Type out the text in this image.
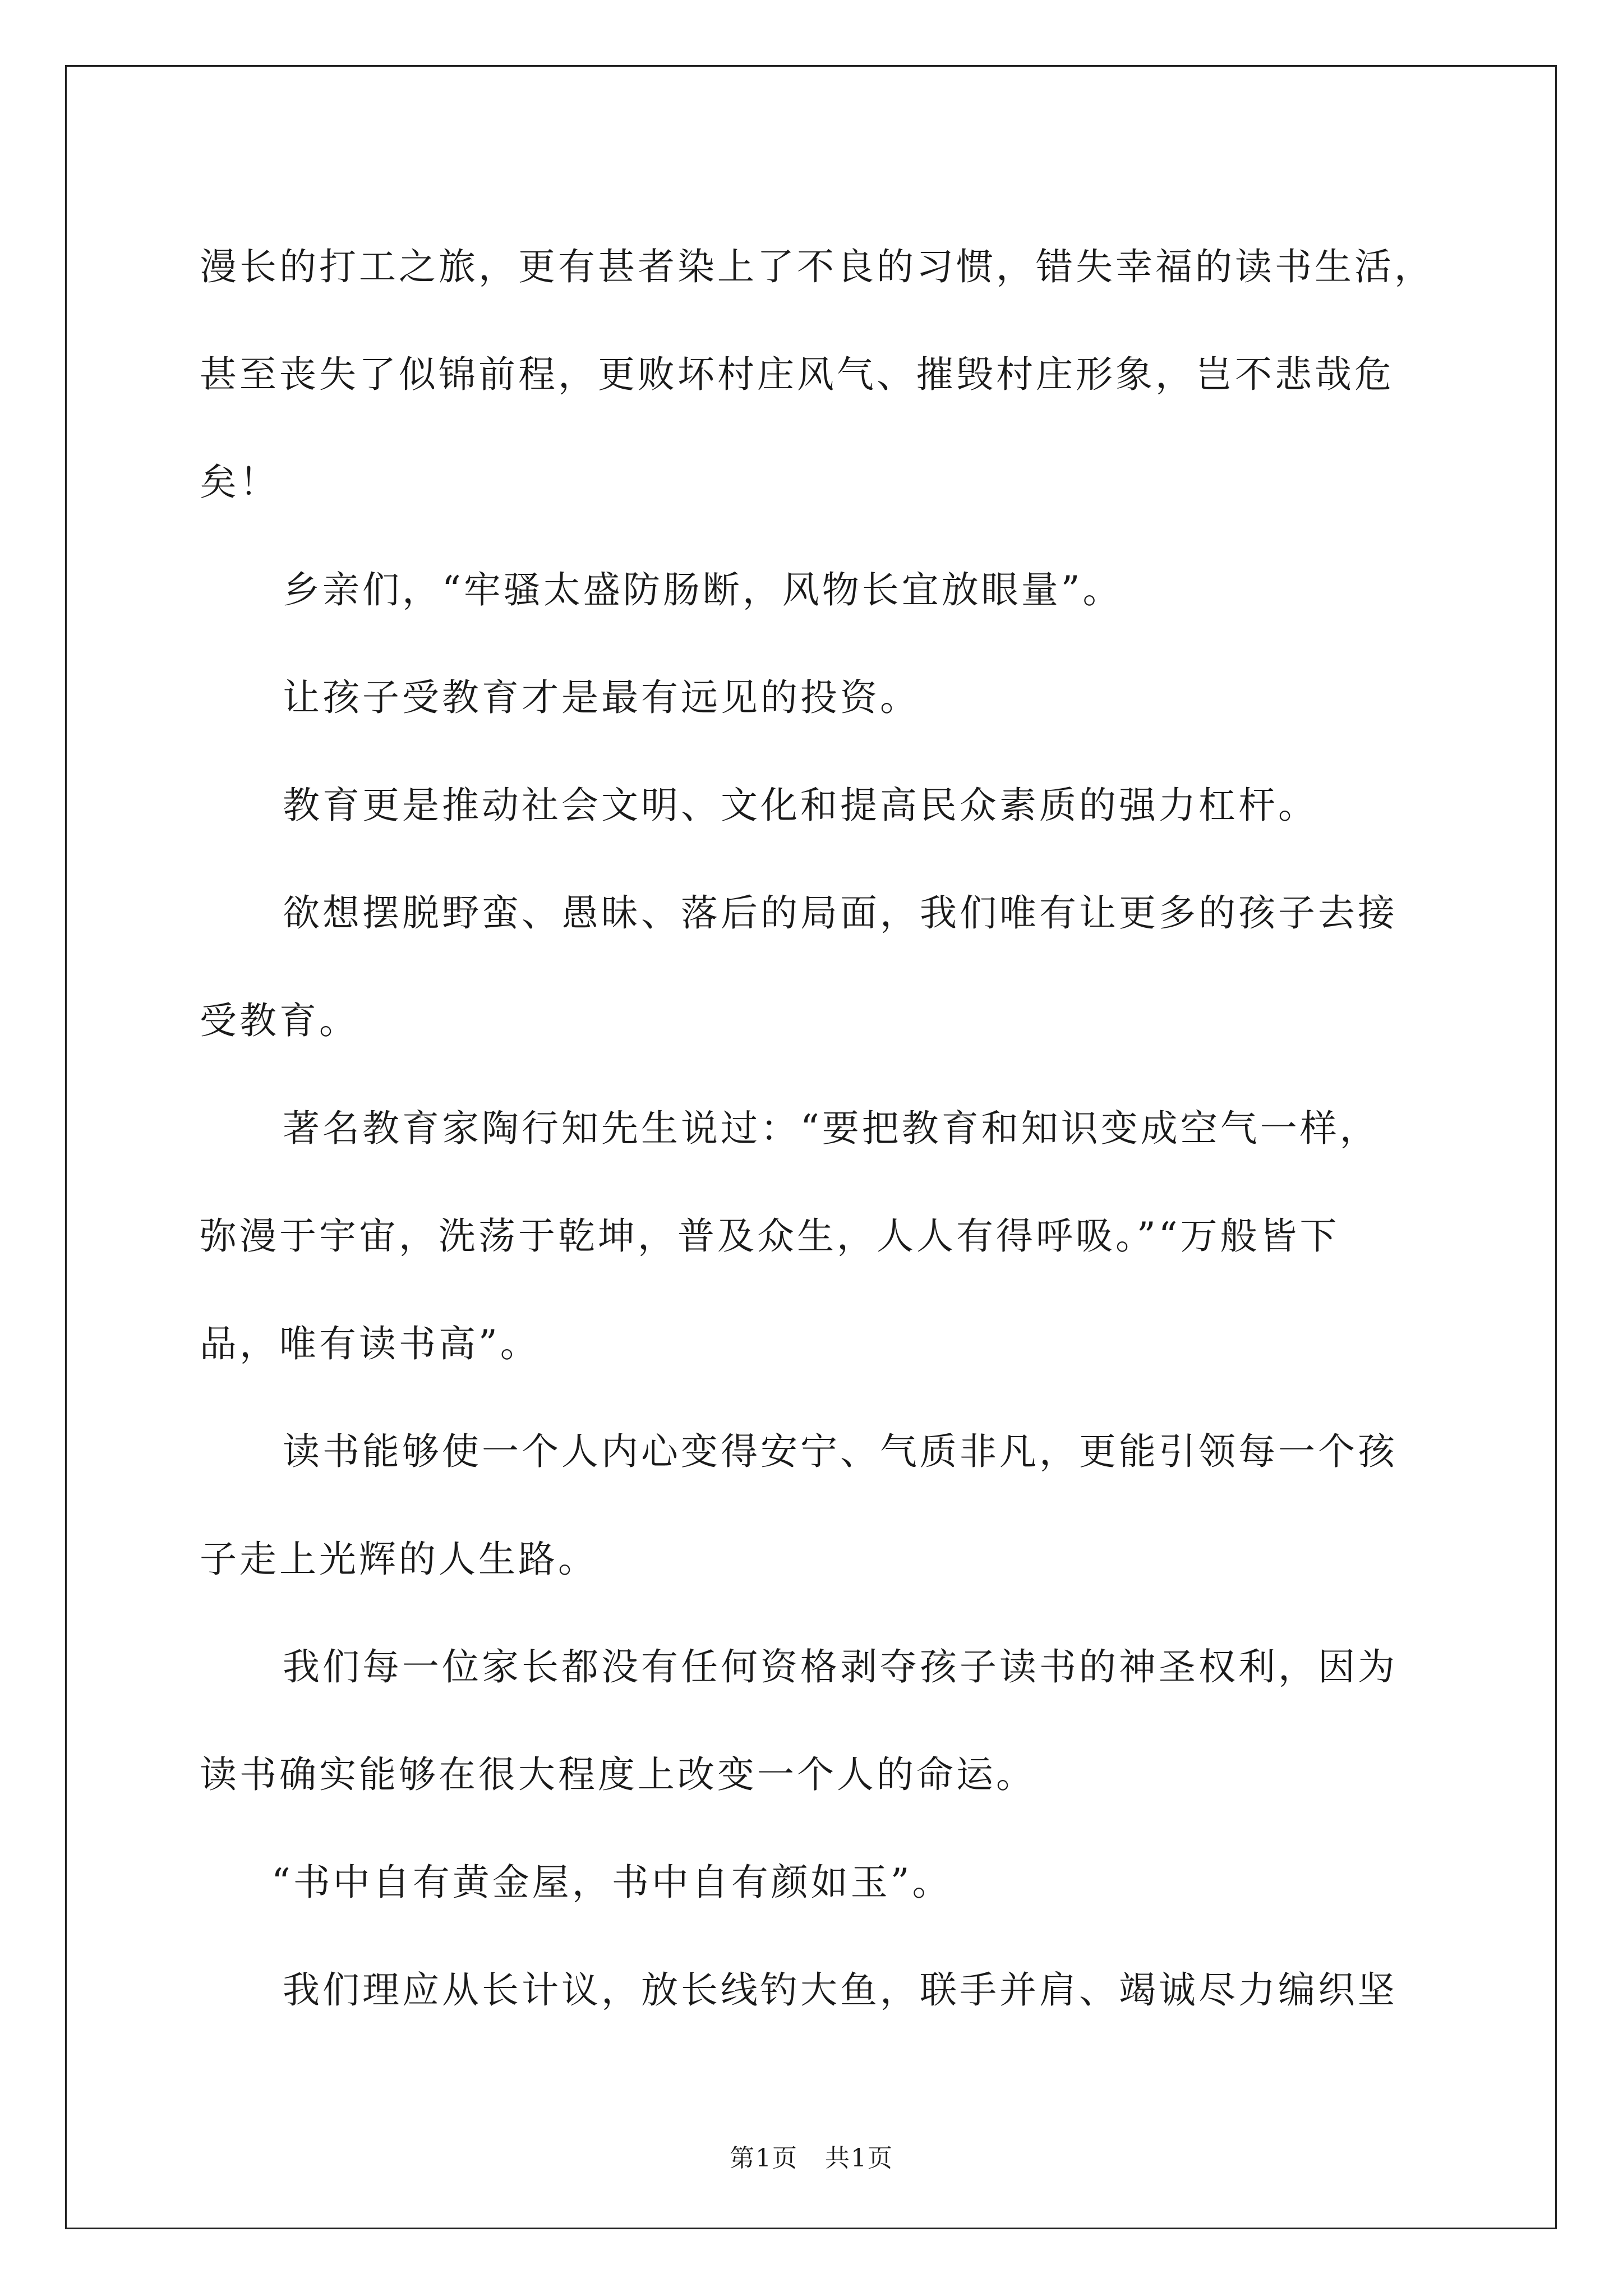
漫长的打工之旅，更有甚者染上了不良的习惯，错失幸福的读书生活，
甚至丧失了似锦前程，更败坏村庄风气、摧毁村庄形象，岂不悲哉危
矣！
乡亲们，“牢骚太盛防肠断，风物长宜放眼量”。
让孩子受教育才是最有远见的投资。
教育更是推动社会文明、文化和提高民众素质的强力杠杆。
欲想摆脱野蛮、愚昧、落后的局面，我们唯有让更多的孩子去接
受教育。
著名教育家陶行知先生说过：“要把教育和知识变成空气一样，
弥漫于宇宙，洗荡于乾坤，普及众生，人人有得呼吸。”“万般皆下
品，唯有读书高”。
读书能够使一个人内心变得安宁、气质非凡，更能引领每一个孩
子走上光辉的人生路。
我们每一位家长都没有任何资格剥夺孩子读书的神圣权利，因为
读书确实能够在很大程度上改变一个人的命运。
“书中自有黄金屋，书中自有颜如玉”。
我们理应从长计议，放长线钓大鱼，联手并肩、竭诚尽力编织坚
第1页 共1页
